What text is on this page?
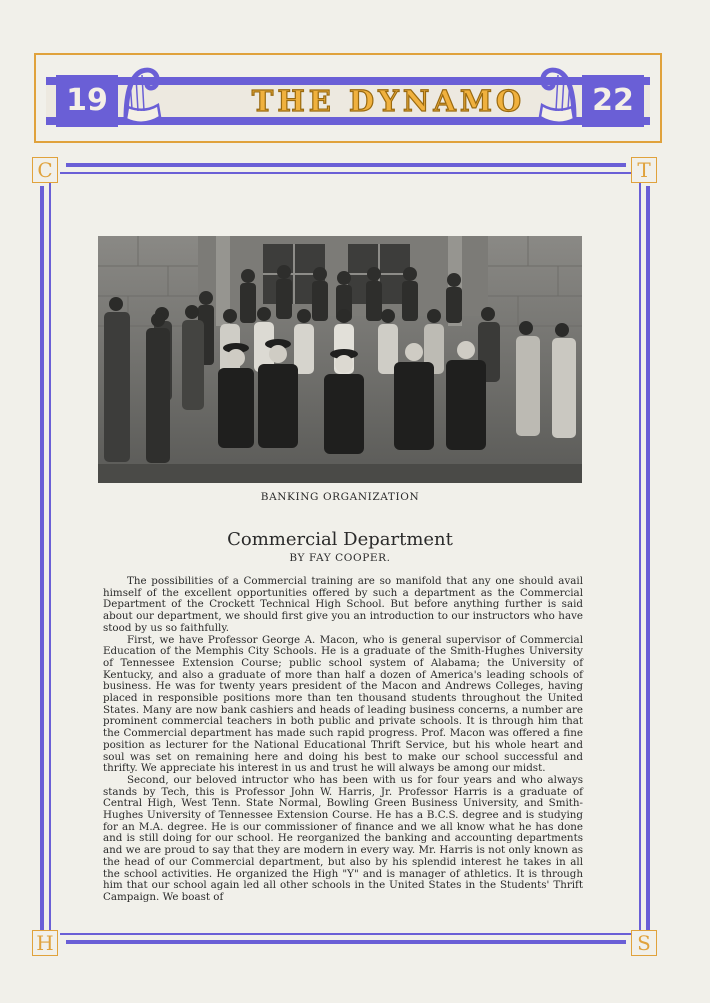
19	22
THE DYNAMO
C	T
H	S
BANKING ORGANIZATION
Commercial Department
BY FAY COOPER.

The possibilities of a Commercial training are so manifold that any one should avail himself of the excellent opportunities offered by such a department as the Commercial Department of the Crockett Technical High School. But before anything further is said about our department, we should first give you an introduction to our instructors who have stood by us so faithfully.

First, we have Professor George A. Macon, who is general supervisor of Commercial Education of the Memphis City Schools. He is a graduate of the Smith-Hughes University of Tennessee Extension Course; public school system of Alabama; the University of Kentucky, and also a graduate of more than half a dozen of America's leading schools of business. He was for twenty years president of the Macon and Andrews Colleges, having placed in responsible positions more than ten thousand students throughout the United States. Many are now bank cashiers and heads of leading business concerns, a number are prominent commercial teachers in both public and private schools. It is through him that the Commercial department has made such rapid progress. Prof. Macon was offered a fine position as lecturer for the National Educational Thrift Service, but his whole heart and soul was set on remaining here and doing his best to make our school successful and thrifty. We appreciate his interest in us and trust he will always be among our midst.

Second, our beloved intructor who has been with us for four years and who always stands by Tech, this is Professor John W. Harris, Jr. Professor Harris is a graduate of Central High, West Tenn. State Normal, Bowling Green Business University, and Smith-Hughes University of Tennessee Extension Course. He has a B.C.S. degree and is studying for an M.A. degree. He is our commissioner of finance and we all know what he has done and is still doing for our school. He reorganized the banking and accounting departments and we are proud to say that they are modern in every way. Mr. Harris is not only known as the head of our Commercial department, but also by his splendid interest he takes in all the school activities. He organized the High "Y" and is manager of athletics. It is through him that our school again led all other schools in the United States in the Students' Thrift Campaign. We boast of
